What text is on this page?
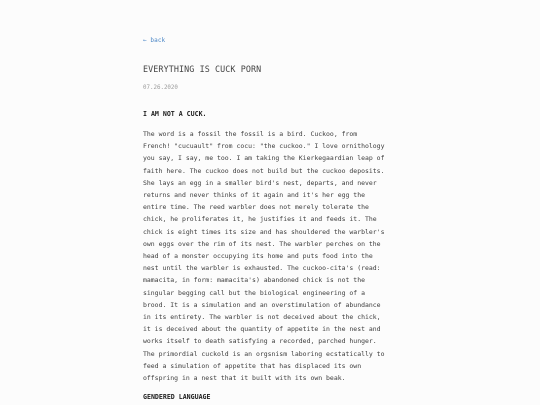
← back
EVERYTHING IS CUCK PORN
07.26.2020
I AM NOT A CUCK.

The word is a fossil the fossil is a bird. Cuckoo, from
French! "cucuault" from cocu: "the cuckoo." I love ornithology
you say, I say, me too. I am taking the Kierkegaardian leap of
faith here. The cuckoo does not build but the cuckoo deposits.
She lays an egg in a smaller bird's nest, departs, and never
returns and never thinks of it again and it's her egg the
entire time. The reed warbler does not merely tolerate the
chick, he proliferates it, he justifies it and feeds it. The
chick is eight times its size and has shouldered the warbler's
own eggs over the rim of its nest. The warbler perches on the
head of a monster occupying its home and puts food into the
nest until the warbler is exhausted. The cuckoo-cita's (read:
mamacita, in form: mamacita's) abandoned chick is not the
singular begging call but the biological engineering of a
brood. It is a simulation and an overstimulation of abundance
in its entirety. The warbler is not deceived about the chick,
it is deceived about the quantity of appetite in the nest and
works itself to death satisfying a recorded, parched hunger.
The primordial cuckold is an orgsnism laboring ecstatically to
feed a simulation of appetite that has displaced its own
offspring in a nest that it built with its own beak.

GENDERED LANGUAGE
